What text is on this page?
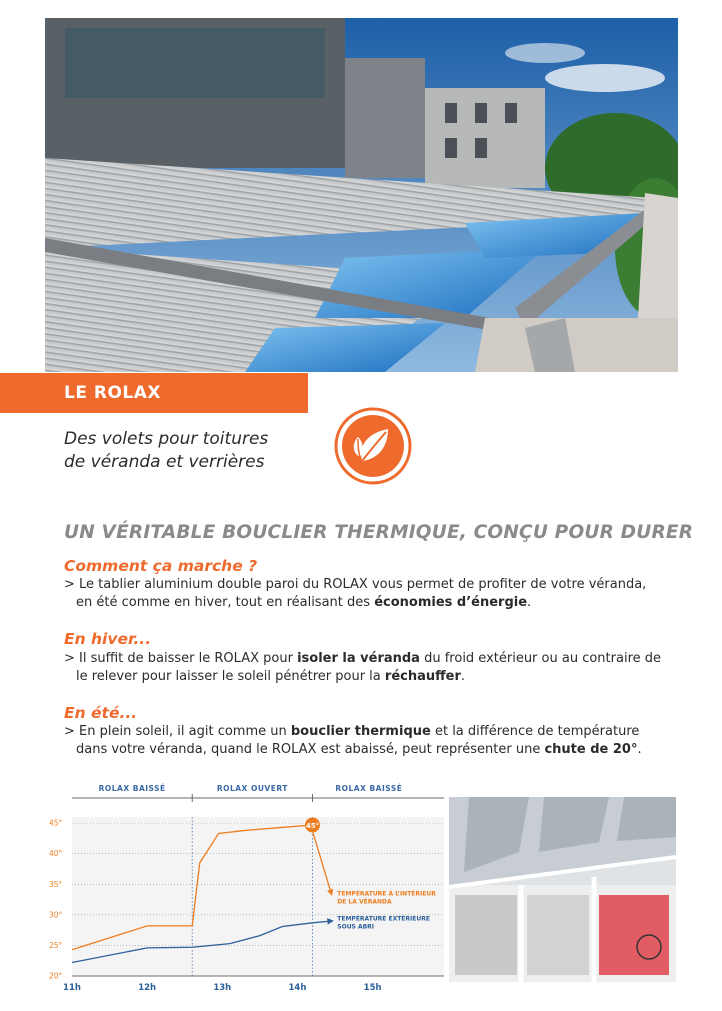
LE ROLAX
Des volets pour toitures
de véranda et verrières
UN VÉRITABLE BOUCLIER THERMIQUE, CONÇU POUR DURER
Comment ça marche ?
> Le tablier aluminium double paroi du ROLAX vous permet de profiter de votre véranda,
en été comme en hiver, tout en réalisant des économies d’énergie.
En hiver...
> Il suffit de baisser le ROLAX pour isoler la véranda du froid extérieur ou au contraire de
le relever pour laisser le soleil pénétrer pour la réchauffer.
En été...
> En plein soleil, il agit comme un bouclier thermique et la différence de température
dans votre véranda, quand le ROLAX est abaissé, peut représenter une chute de 20°.
ROLAX BAISSÉ	ROLAX OUVERT	ROLAX BAISSÉ
20°
25°
30°
35°
40°
45°
11h	12h	13h	14h	15h
45°
TEMPÉRATURE À L’INTÉRIEUR
DE LA VÉRANDA
TEMPÉRATURE EXTÉRIEURE
SOUS ABRI
